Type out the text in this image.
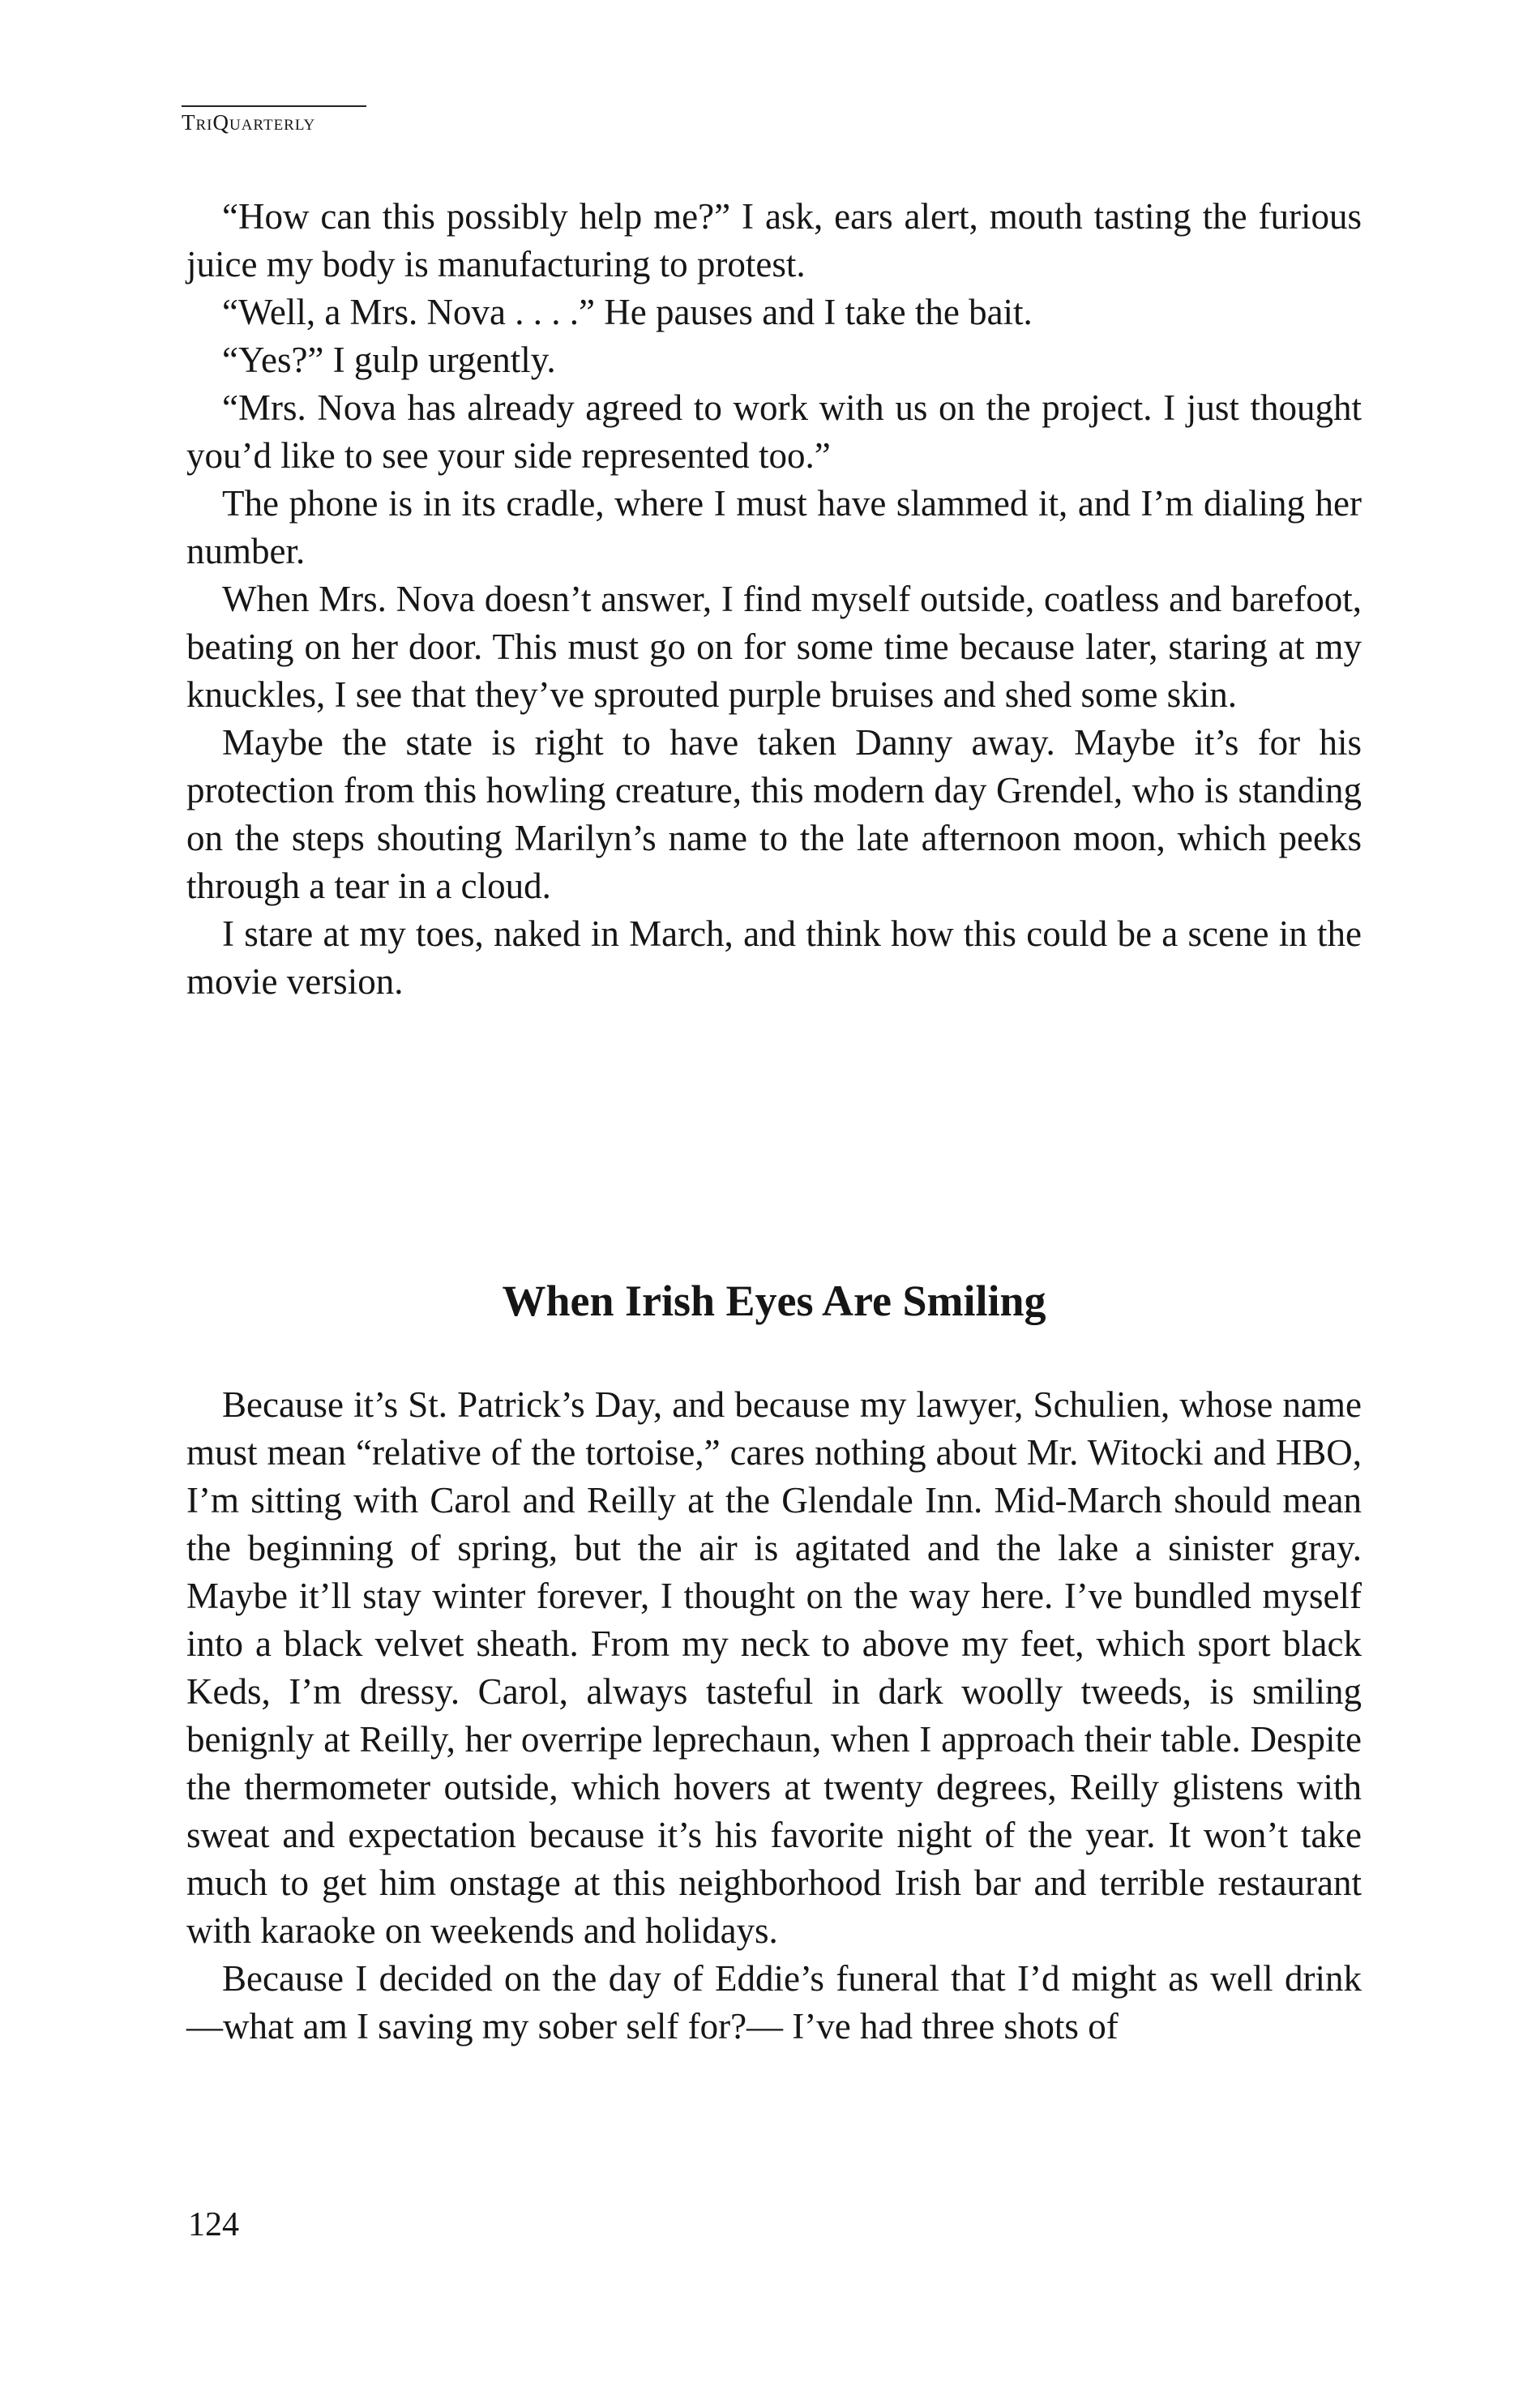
TriQuarterly

“How can this possibly help me?” I ask, ears alert, mouth tasting the furious juice my body is manufacturing to protest.

“Well, a Mrs. Nova . . . .” He pauses and I take the bait.

“Yes?” I gulp urgently.

“Mrs. Nova has already agreed to work with us on the project. I just thought you’d like to see your side represented too.”

The phone is in its cradle, where I must have slammed it, and I’m dialing her number.

When Mrs. Nova doesn’t answer, I find myself outside, coatless and barefoot, beating on her door. This must go on for some time because later, staring at my knuckles, I see that they’ve sprouted purple bruises and shed some skin.

Maybe the state is right to have taken Danny away. Maybe it’s for his protection from this howling creature, this modern day Grendel, who is standing on the steps shouting Marilyn’s name to the late afternoon moon, which peeks through a tear in a cloud.

I stare at my toes, naked in March, and think how this could be a scene in the movie version.

When Irish Eyes Are Smiling

Because it’s St. Patrick’s Day, and because my lawyer, Schulien, whose name must mean “relative of the tortoise,” cares nothing about Mr. Witocki and HBO, I’m sitting with Carol and Reilly at the Glendale Inn. Mid-March should mean the beginning of spring, but the air is agitated and the lake a sinister gray. Maybe it’ll stay winter forever, I thought on the way here. I’ve bundled myself into a black velvet sheath. From my neck to above my feet, which sport black Keds, I’m dressy. Carol, always tasteful in dark woolly tweeds, is smiling benignly at Reilly, her overripe leprechaun, when I approach their table. Despite the thermometer outside, which hovers at twenty degrees, Reilly glistens with sweat and expectation because it’s his favorite night of the year. It won’t take much to get him onstage at this neighborhood Irish bar and terrible restaurant with karaoke on weekends and holidays.

Because I decided on the day of Eddie’s funeral that I’d might as well drink—what am I saving my sober self for?— I’ve had three shots of

124
